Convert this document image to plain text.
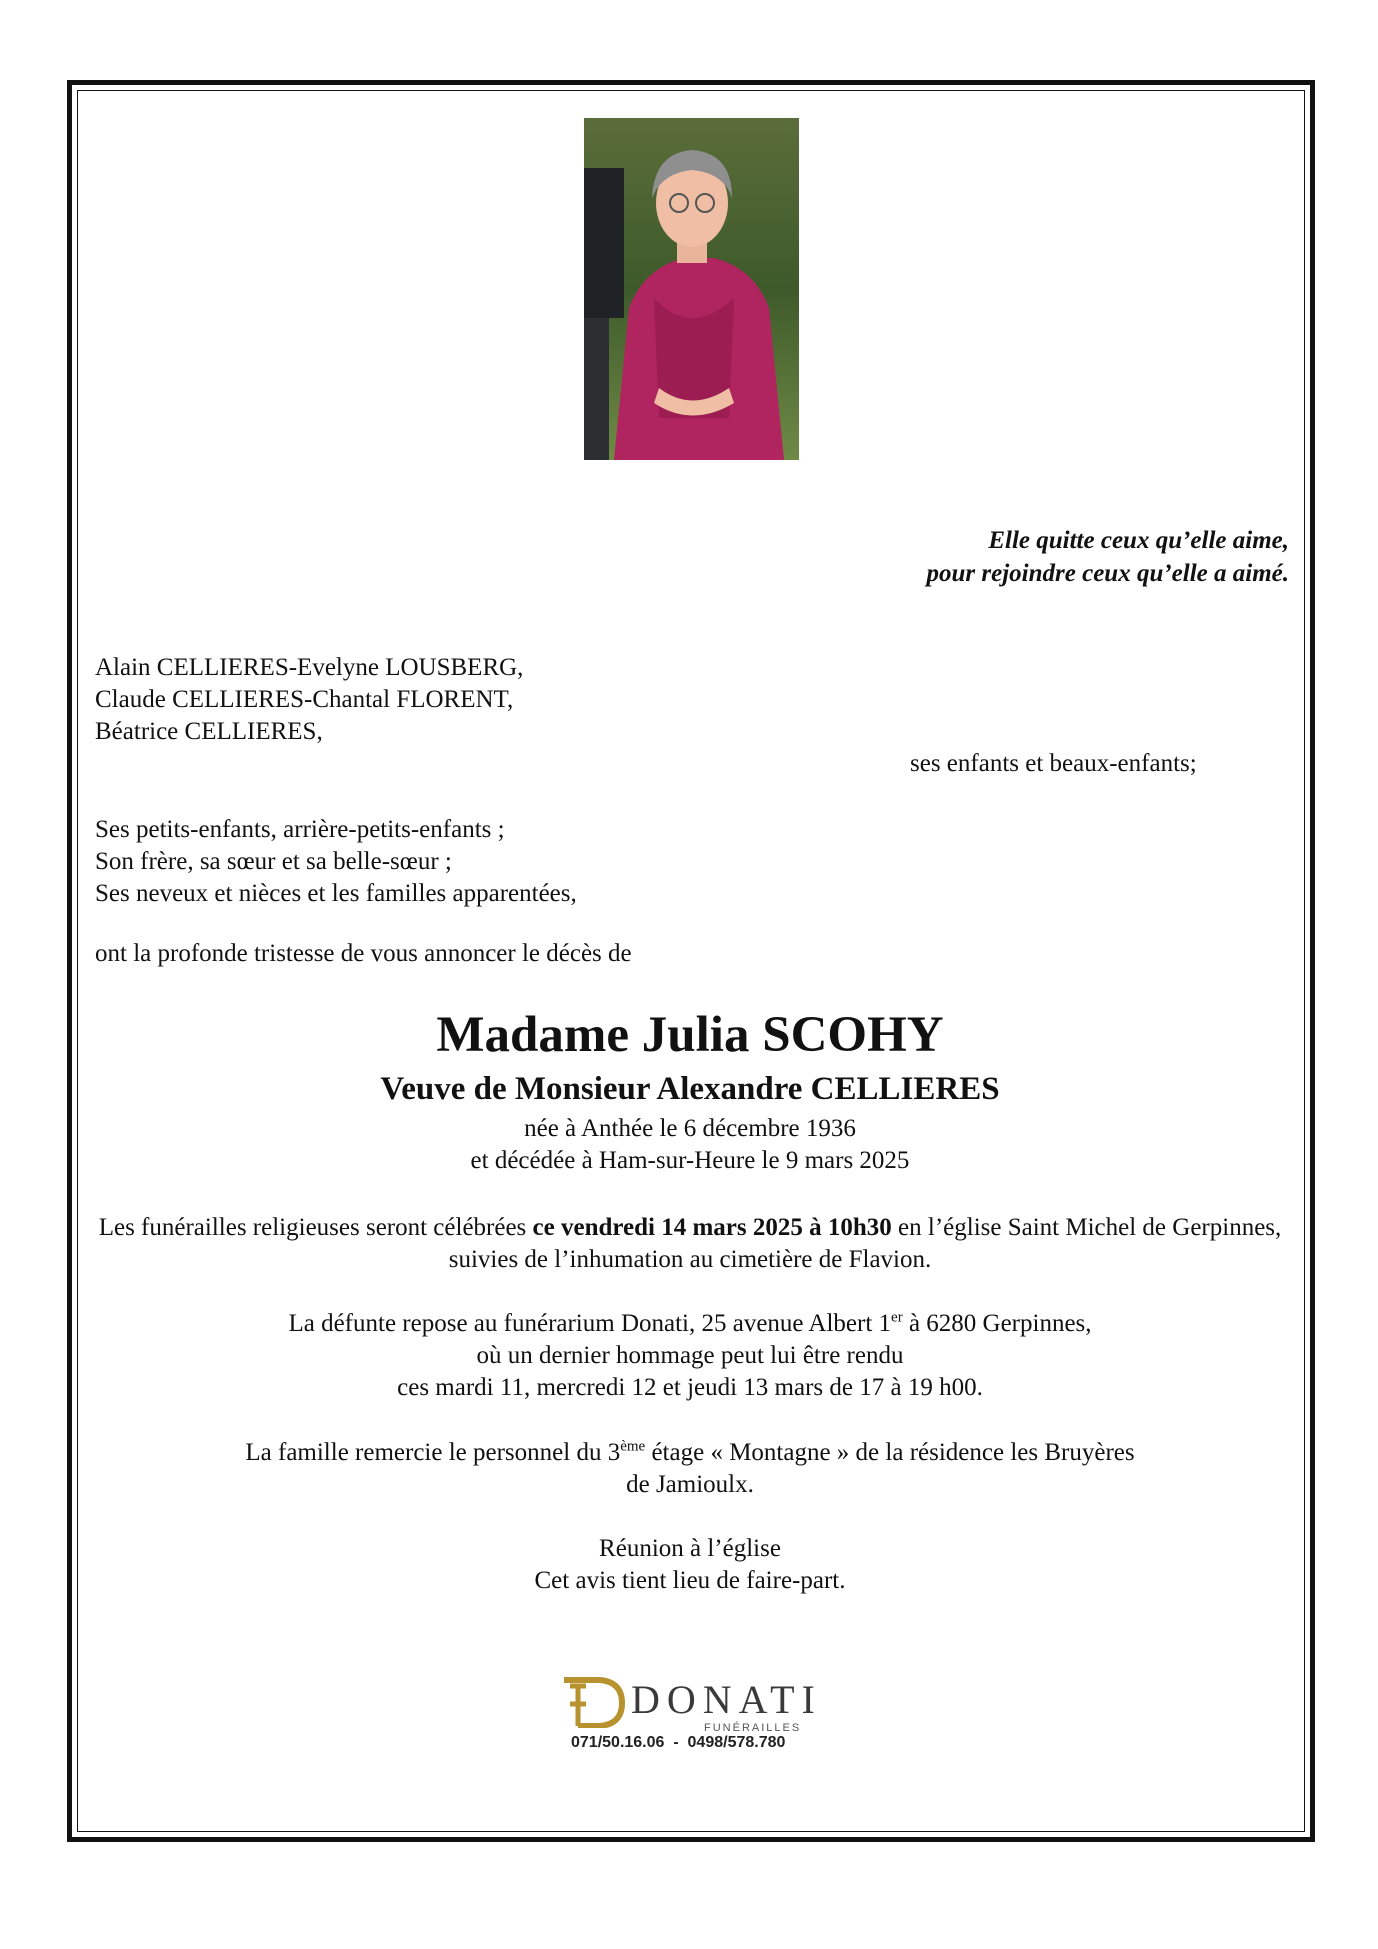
Elle quitte ceux qu’elle aime,
pour rejoindre ceux qu’elle a aimé.
Alain CELLIERES-Evelyne LOUSBERG,
Claude CELLIERES-Chantal FLORENT,
Béatrice CELLIERES,
ses enfants et beaux-enfants;
Ses petits-enfants, arrière-petits-enfants ;
Son frère, sa sœur et sa belle-sœur ;
Ses neveux et nièces et les familles apparentées,
ont la profonde tristesse de vous annoncer le décès de
Madame Julia SCOHY
Veuve de Monsieur Alexandre CELLIERES
née à Anthée le 6 décembre 1936
et décédée à Ham-sur-Heure le 9 mars 2025
Les funérailles religieuses seront célébrées ce vendredi 14 mars 2025 à 10h30 en l’église Saint Michel de Gerpinnes, suivies de l’inhumation au cimetière de Flavion.
La défunte repose au funérarium Donati, 25 avenue Albert 1er à 6280 Gerpinnes,
où un dernier hommage peut lui être rendu
ces mardi 11, mercredi 12 et jeudi 13 mars de 17 à 19 h00.
La famille remercie le personnel du 3ème étage « Montagne » de la résidence les Bruyères
de Jamioulx.
Réunion à l’église
Cet avis tient lieu de faire-part.
DONATI
FUNÉRAILLES
071/50.16.06  -  0498/578.780
